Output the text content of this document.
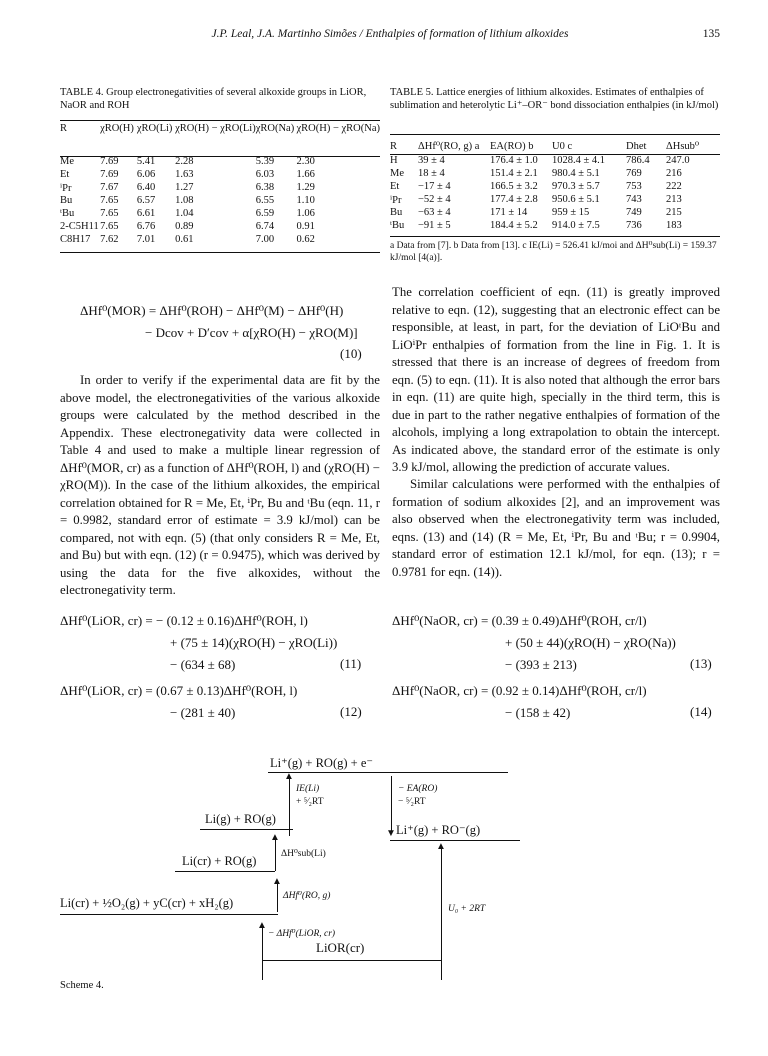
J.P. Leal, J.A. Martinho Simões / Enthalpies of formation of lithium alkoxides	135
TABLE 4. Group electronegativities of several alkoxide groups in LiOR, NaOR and ROH
R	χRO(H)	χRO(Li)	χRO(H) − χRO(Li)	χRO(Na)	χRO(H) − χRO(Na)
Me	7.69	5.41	2.28	5.39	2.30
Et	7.69	6.06	1.63	6.03	1.66
ⁱPr	7.67	6.40	1.27	6.38	1.29
Bu	7.65	6.57	1.08	6.55	1.10
ᵗBu	7.65	6.61	1.04	6.59	1.06
2-C5H11	7.65	6.76	0.89	6.74	0.91
C8H17	7.62	7.01	0.61	7.00	0.62
TABLE 5. Lattice energies of lithium alkoxides. Estimates of enthalpies of sublimation and heterolytic Li⁺–OR⁻ bond dissociation enthalpies (in kJ/mol)
R	ΔHf⁰(RO, g) a	EA(RO) b	U0 c	Dhet	ΔHsub⁰
H	39 ± 4	176.4 ± 1.0	1028.4 ± 4.1	786.4	247.0
Me	18 ± 4	151.4 ± 2.1	980.4 ± 5.1	769	216
Et	−17 ± 4	166.5 ± 3.2	970.3 ± 5.7	753	222
ⁱPr	−52 ± 4	177.4 ± 2.8	950.6 ± 5.1	743	213
Bu	−63 ± 4	171 ± 14	959 ± 15	749	215
ᵗBu	−91 ± 5	184.4 ± 5.2	914.0 ± 7.5	736	183
a Data from [7]. b Data from [13]. c IE(Li) = 526.41 kJ/moi and ΔH⁰sub(Li) = 159.37 kJ/mol [4(a)].
ΔHf⁰(MOR) = ΔHf⁰(ROH) − ΔHf⁰(M) − ΔHf⁰(H)
− Dcov + D′cov + α[χRO(H) − χRO(M)]
(10)
In order to verify if the experimental data are fit by the above model, the electronegativities of the various alkoxide groups were calculated by the method described in the Appendix. These electronegativity data were collected in Table 4 and used to make a multiple linear regression of ΔHf⁰(MOR, cr) as a function of ΔHf⁰(ROH, l) and (χRO(H) − χRO(M)). In the case of the lithium alkoxides, the empirical correlation obtained for R = Me, Et, ⁱPr, Bu and ᵗBu (eqn. 11, r = 0.9982, standard error of estimate = 3.9 kJ/mol) can be compared, not with eqn. (5) (that only considers R = Me, Et, and Bu) but with eqn. (12) (r = 0.9475), which was derived by using the data for the five alkoxides, without the electronegativity term.
ΔHf⁰(LiOR, cr) = − (0.12 ± 0.16)ΔHf⁰(ROH, l)
+ (75 ± 14)(χRO(H) − χRO(Li))
− (634 ± 68)	(11)
ΔHf⁰(LiOR, cr) = (0.67 ± 0.13)ΔHf⁰(ROH, l)
− (281 ± 40)	(12)
The correlation coefficient of eqn. (11) is greatly improved relative to eqn. (12), suggesting that an electronic effect can be responsible, at least, in part, for the deviation of LiOᵗBu and LiOⁱPr enthalpies of formation from the line in Fig. 1. It is stressed that there is an increase of degrees of freedom from eqn. (5) to eqn. (11). It is also noted that although the error bars in eqn. (11) are quite high, specially in the third term, this is due in part to the rather negative enthalpies of formation of the alcohols, implying a long extrapolation to obtain the intercept. As indicated above, the standard error of the estimate is only 3.9 kJ/mol, allowing the prediction of accurate values.
Similar calculations were performed with the enthalpies of formation of sodium alkoxides [2], and an improvement was also observed when the electronegativity term was included, eqns. (13) and (14) (R = Me, Et, ⁱPr, Bu and ᵗBu; r = 0.9904, standard error of estimation 12.1 kJ/mol, for eqn. (13); r = 0.9781 for eqn. (14)).
ΔHf⁰(NaOR, cr) = (0.39 ± 0.49)ΔHf⁰(ROH, cr/l)
+ (50 ± 44)(χRO(H) − χRO(Na))
− (393 ± 213)	(13)
ΔHf⁰(NaOR, cr) = (0.92 ± 0.14)ΔHf⁰(ROH, cr/l)
− (158 ± 42)	(14)
Li⁺(g) + RO(g) + e⁻
▲
IE(Li)
+ ⁵⁄₂RT
▼
− EA(RO)
− ⁵⁄₂RT
Li(g) + RO(g)
Li⁺(g) + RO⁻(g)
▲
ΔH⁰sub(Li)
Li(cr) + RO(g)
▲
ΔHf⁰(RO, g)
▲
U₀ + 2RT
Li(cr) + ½O₂(g) + yC(cr) + xH₂(g)
▲
− ΔHf⁰(LiOR, cr)
LiOR(cr)
Scheme 4.
